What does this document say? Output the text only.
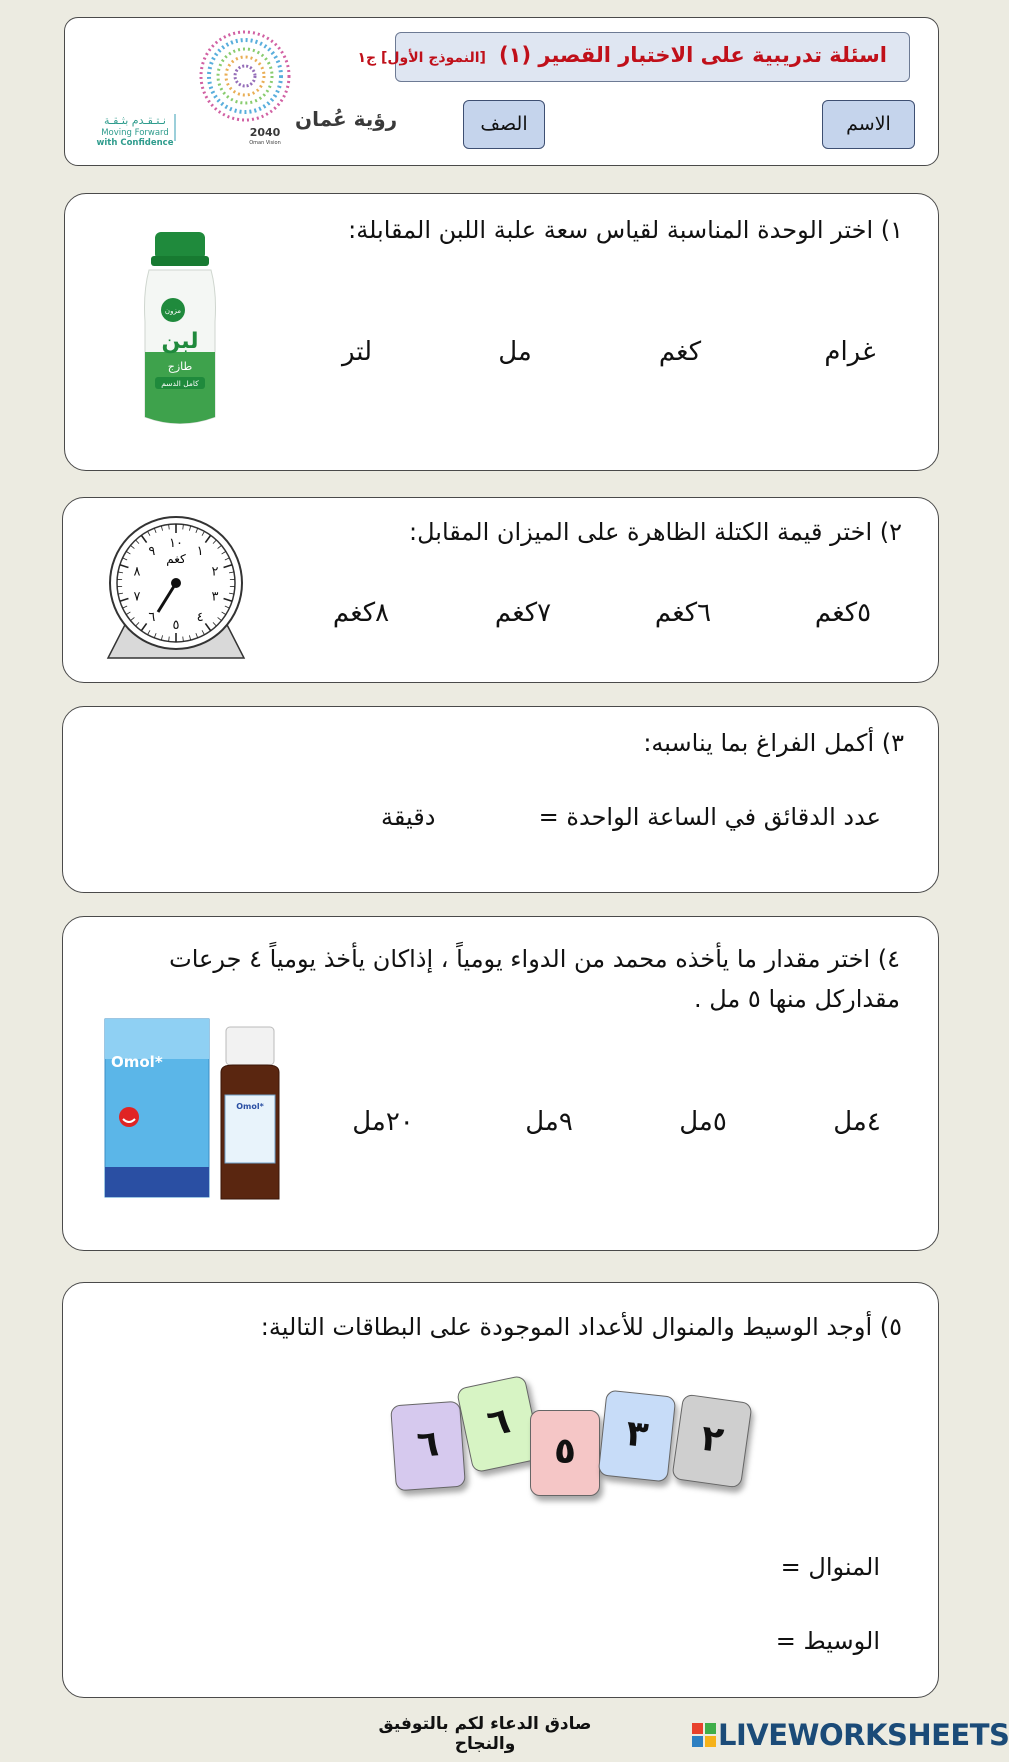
اسئلة تدريبية على الاختبار القصير (١) [النموذج الأول] ج١
الاسم
الصف
رؤية عُمان
2040
Oman Vision
نـتـقـدم بثـقـة
Moving Forward
with Confidence
١) اختر الوحدة المناسبة لقياس سعة علبة اللبن المقابلة:
غرام
كغم
مل
لتر
مزون
لبن
طازج
كامل الدسم
٢) اختر قيمة الكتلة الظاهرة على الميزان المقابل:
٥كغم
٦كغم
٧كغم
٨كغم
١٠
١
٢
٣
٤
٥
٦
٧
٨
٩
كغم
٣) أكمل الفراغ بما يناسبه:
عدد الدقائق في الساعة الواحدة =
دقيقة
٤) اختر مقدار ما يأخذه محمد من الدواء يومياً ، إذاكان يأخذ يومياً ٤ جرعات
مقداركل منها ٥ مل .
٤مل
٥مل
٩مل
٢٠مل
Omol*
Omol*
٥) أوجد الوسيط والمنوال للأعداد الموجودة على البطاقات التالية:
٦	٦
٥	٣	٢
المنوال =
الوسيط =
صادق الدعاء لكم بالتوفيق والنجاح	LIVEWORKSHEETS
